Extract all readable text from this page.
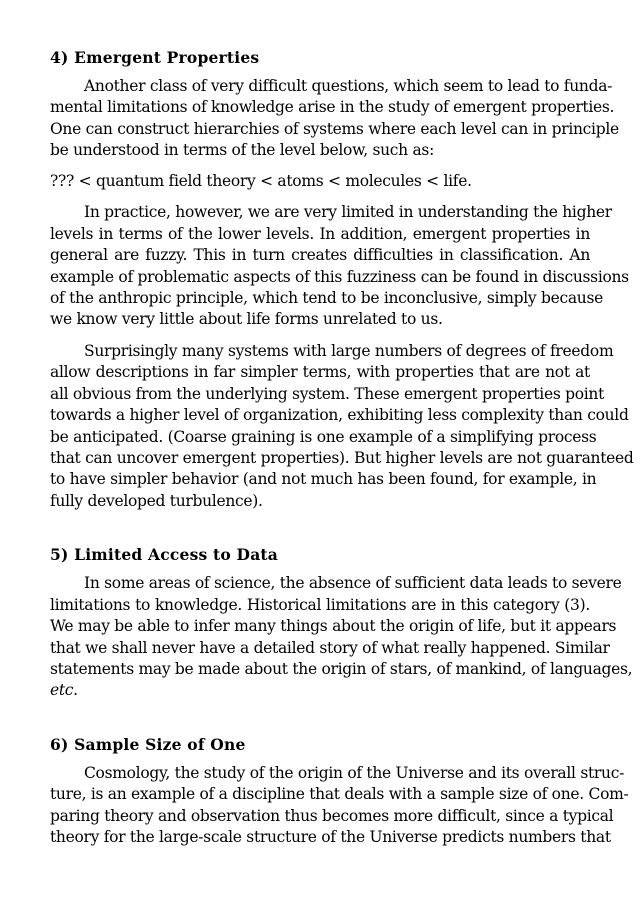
4) Emergent Properties
Another class of very difficult questions, which seem to lead to funda-
mental limitations of knowledge arise in the study of emergent properties.
One can construct hierarchies of systems where each level can in principle
be understood in terms of the level below, such as:
??? < quantum field theory < atoms < molecules < life.
In practice, however, we are very limited in understanding the higher
levels in terms of the lower levels. In addition, emergent properties in
general are fuzzy. This in turn creates difficulties in classification. An
example of problematic aspects of this fuzziness can be found in discussions
of the anthropic principle, which tend to be inconclusive, simply because
we know very little about life forms unrelated to us.
Surprisingly many systems with large numbers of degrees of freedom
allow descriptions in far simpler terms, with properties that are not at
all obvious from the underlying system. These emergent properties point
towards a higher level of organization, exhibiting less complexity than could
be anticipated. (Coarse graining is one example of a simplifying process
that can uncover emergent properties). But higher levels are not guaranteed
to have simpler behavior (and not much has been found, for example, in
fully developed turbulence).
5) Limited Access to Data
In some areas of science, the absence of sufficient data leads to severe
limitations to knowledge. Historical limitations are in this category (3).
We may be able to infer many things about the origin of life, but it appears
that we shall never have a detailed story of what really happened. Similar
statements may be made about the origin of stars, of mankind, of languages,
etc.
6) Sample Size of One
Cosmology, the study of the origin of the Universe and its overall struc-
ture, is an example of a discipline that deals with a sample size of one. Com-
paring theory and observation thus becomes more difficult, since a typical
theory for the large-scale structure of the Universe predicts numbers that
